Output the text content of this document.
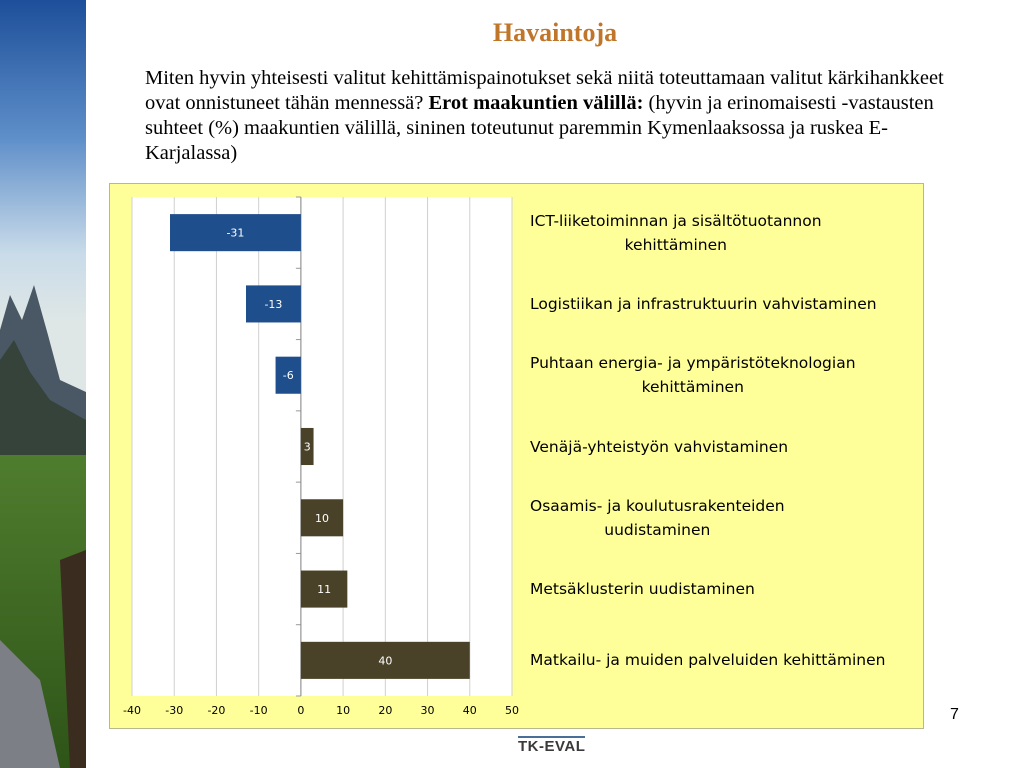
Havaintoja
Miten hyvin yhteisesti valitut kehittämispainotukset sekä niitä toteuttamaan valitut kärkihankkeet ovat onnistuneet tähän mennessä? Erot maakuntien välillä: (hyvin ja erinomaisesti -vastausten suhteet (%) maakuntien välillä, sininen toteutunut paremmin Kymenlaaksossa ja ruskea E-Karjalassa)
-40 -30 -20 -10	0	10	20	30	40	50
-31
-13
-6
3
10
11
40
ICT-liiketoiminnan ja sisältötuotannon
kehittäminen
Logistiikan ja infrastruktuurin vahvistaminen
Puhtaan energia- ja ympäristöteknologian
kehittäminen
Venäjä-yhteistyön vahvistaminen
Osaamis- ja koulutusrakenteiden
uudistaminen
Metsäklusterin uudistaminen
Matkailu- ja muiden palveluiden kehittäminen
7
TK-EVAL
